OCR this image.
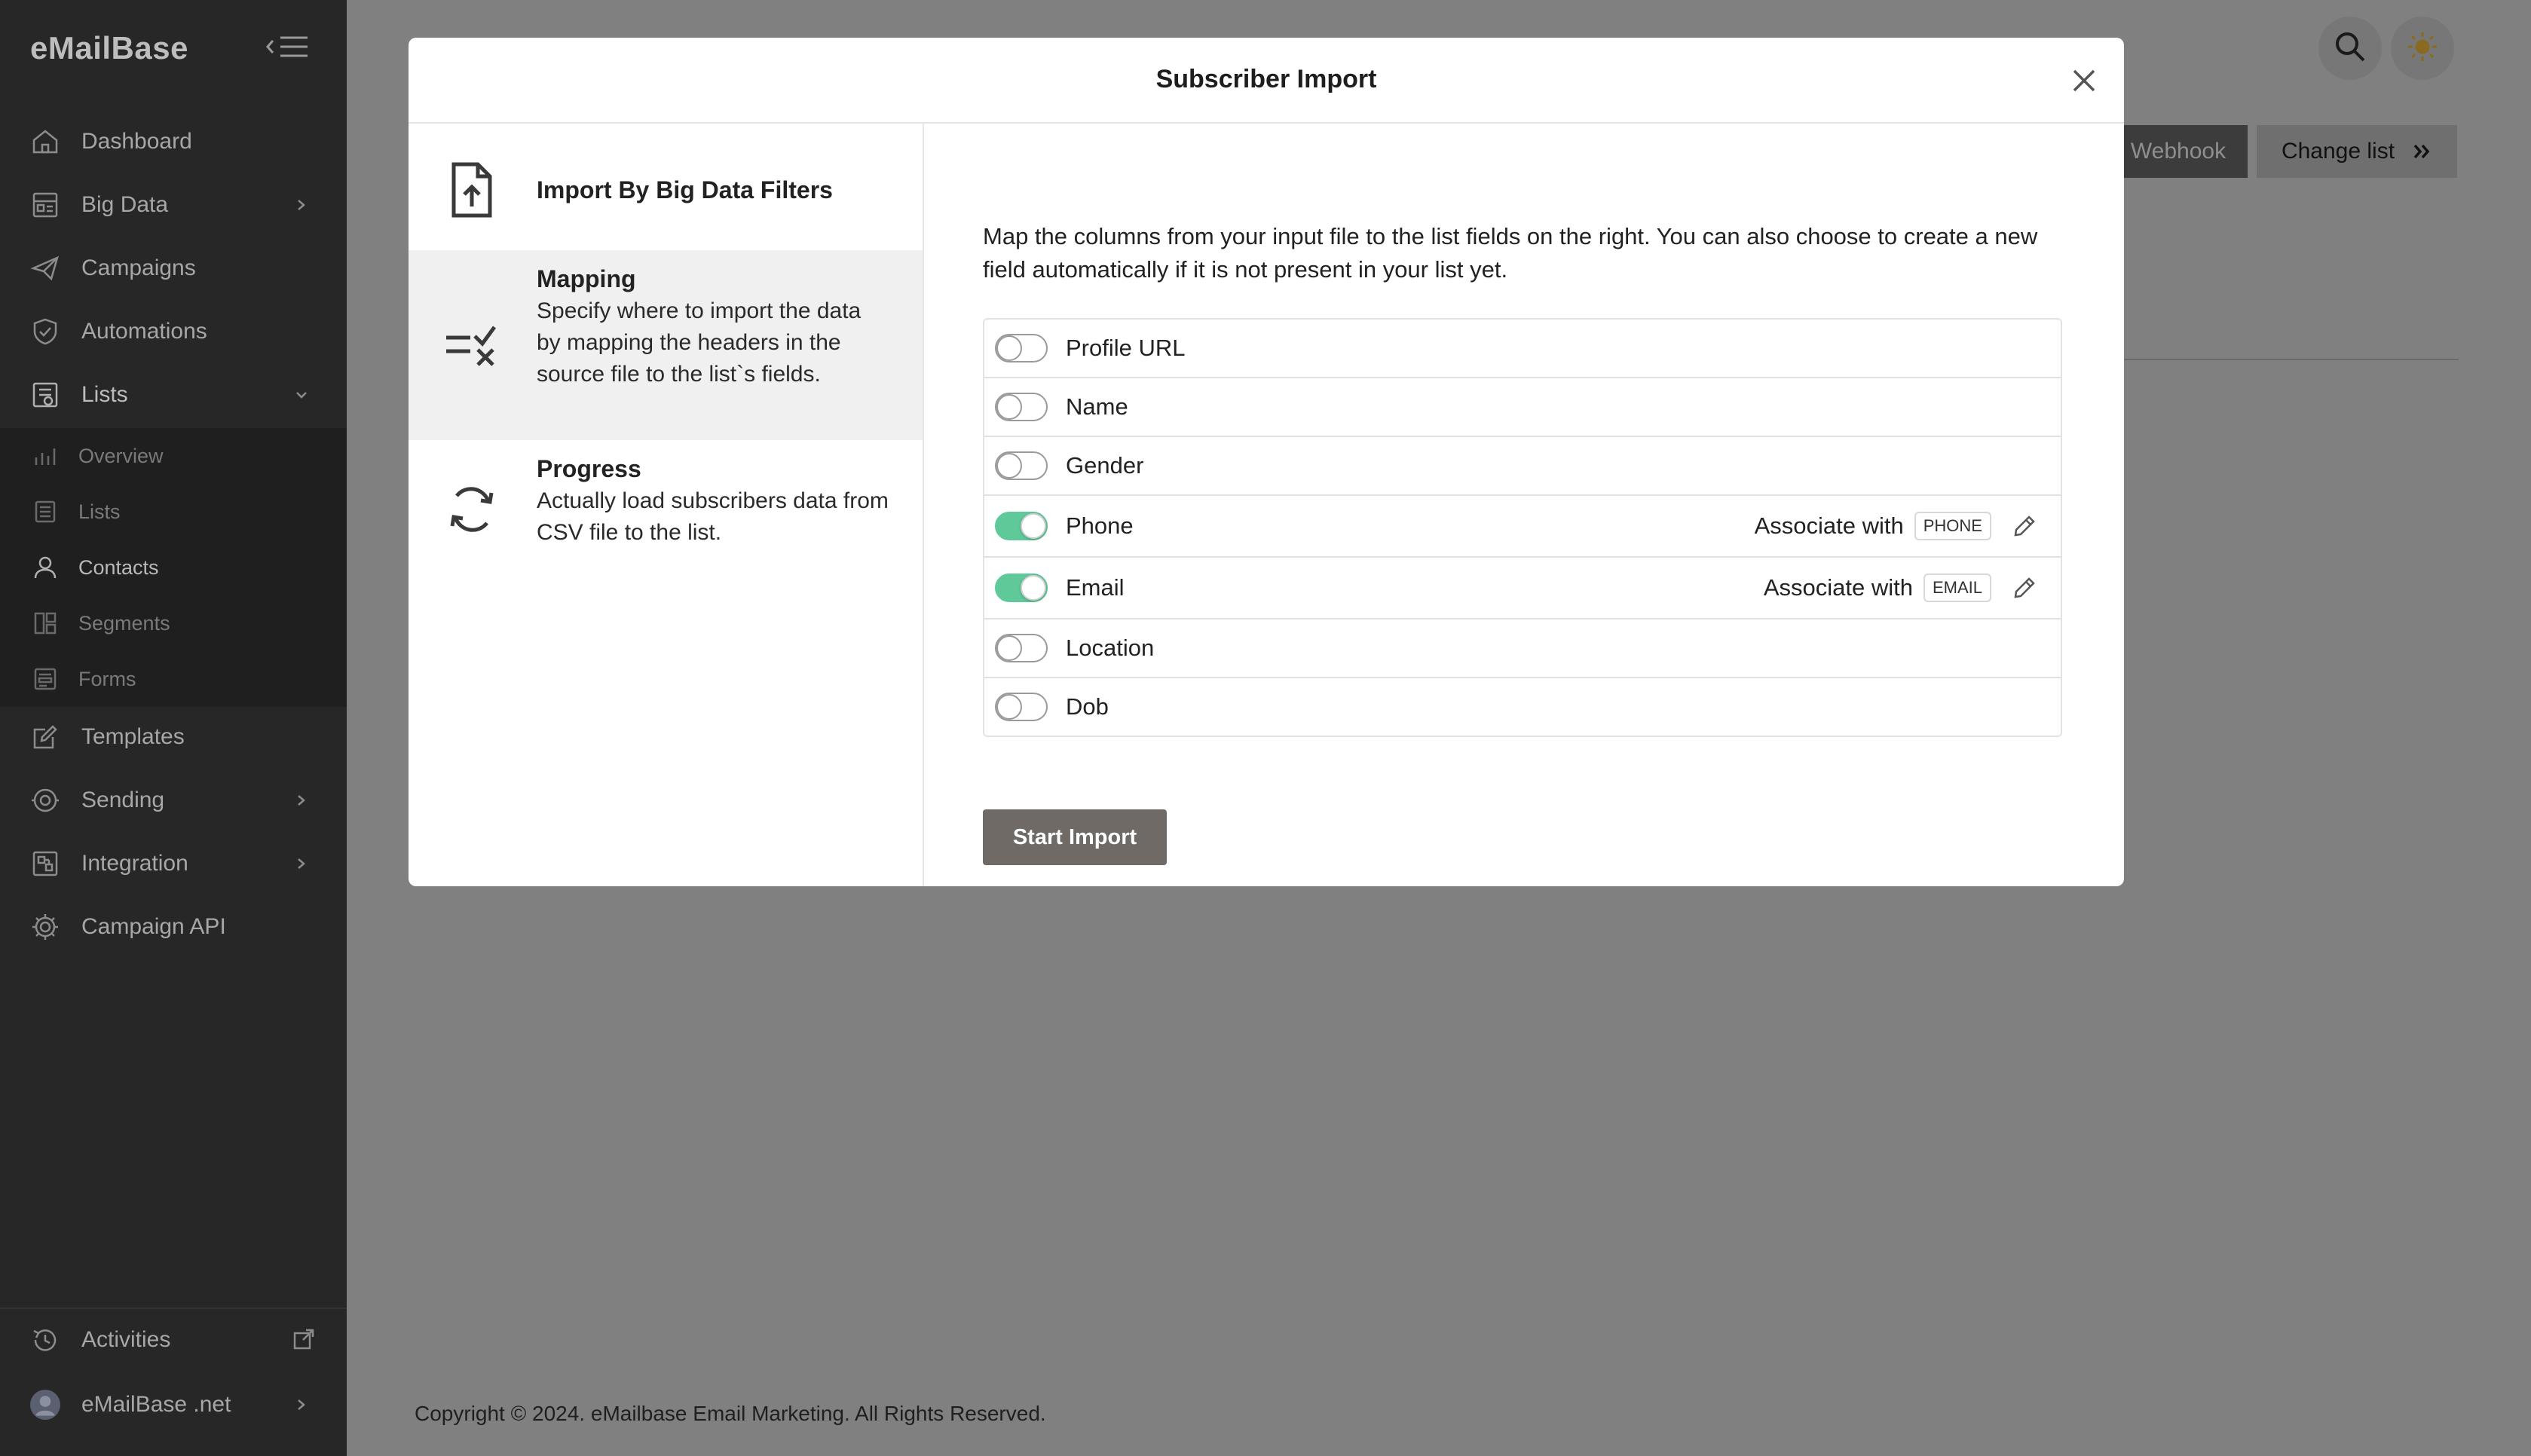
eMailBase
Dashboard
Big Data
Campaigns
Automations
Lists
Overview
Lists
Contacts
Segments
Forms
Templates
Sending
Integration
Campaign API
Activities
eMailBase .net
Webhook	Change list
Copyright © 2024. eMailbase Email Marketing. All Rights Reserved.
Subscriber Import
Import By Big Data Filters
Mapping
Specify where to import the data by mapping the headers in the source file to the list`s fields.
Progress
Actually load subscribers data from CSV file to the list.
Map the columns from your input file to the list fields on the right. You can also choose to create a new field automatically if it is not present in your list yet.
Profile URL
Name
Gender
Phone	Associate with	PHONE
Email	Associate with	EMAIL
Location
Dob
Start Import
